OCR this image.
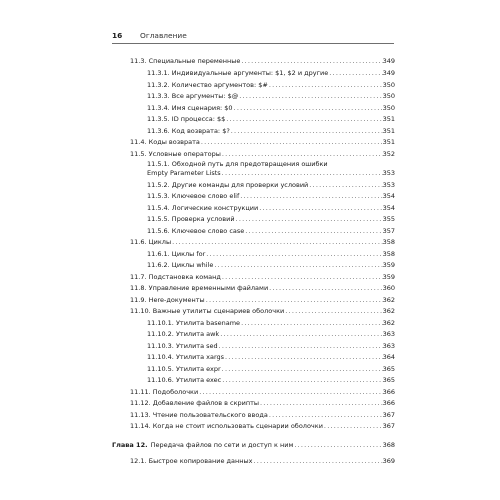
16 Оглавление
11.3. Специальные переменные .....	349
11.3.1. Индивидуальные аргументы: $1, $2 и другие .....	349
11.3.2. Количество аргументов: $# .....	350
11.3.3. Все аргументы: $@ .....	350
11.3.4. Имя сценария: $0 .....	350
11.3.5. ID процесса: $$ .....	351
11.3.6. Код возврата: $? .....	351
11.4. Коды возврата .....	351
11.5. Условные операторы .....	352
11.5.1. Обходной путь для предотвращения ошибки
Empty Parameter Lists .....	353
11.5.2. Другие команды для проверки условий .....	353
11.5.3. Ключевое слово elif .....	354
11.5.4. Логические конструкции .....	354
11.5.5. Проверка условий .....	355
11.5.6. Ключевое слово case .....	357
11.6. Циклы .....	358
11.6.1. Циклы for .....	358
11.6.2. Циклы while .....	359
11.7. Подстановка команд .....	359
11.8. Управление временными файлами .....	360
11.9. Here-документы .....	362
11.10. Важные утилиты сценариев оболочки .....	362
11.10.1. Утилита basename .....	362
11.10.2. Утилита awk .....	363
11.10.3. Утилита sed .....	363
11.10.4. Утилита xargs .....	364
11.10.5. Утилита expr .....	365
11.10.6. Утилита exec .....	365
11.11. Подоболочки .....	366
11.12. Добавление файлов в скрипты .....	366
11.13. Чтение пользовательского ввода .....	367
11.14. Когда не стоит использовать сценарии оболочки .....	367
Глава 12. Передача файлов по сети и доступ к ним .....	368
12.1. Быстрое копирование данных .....	369
